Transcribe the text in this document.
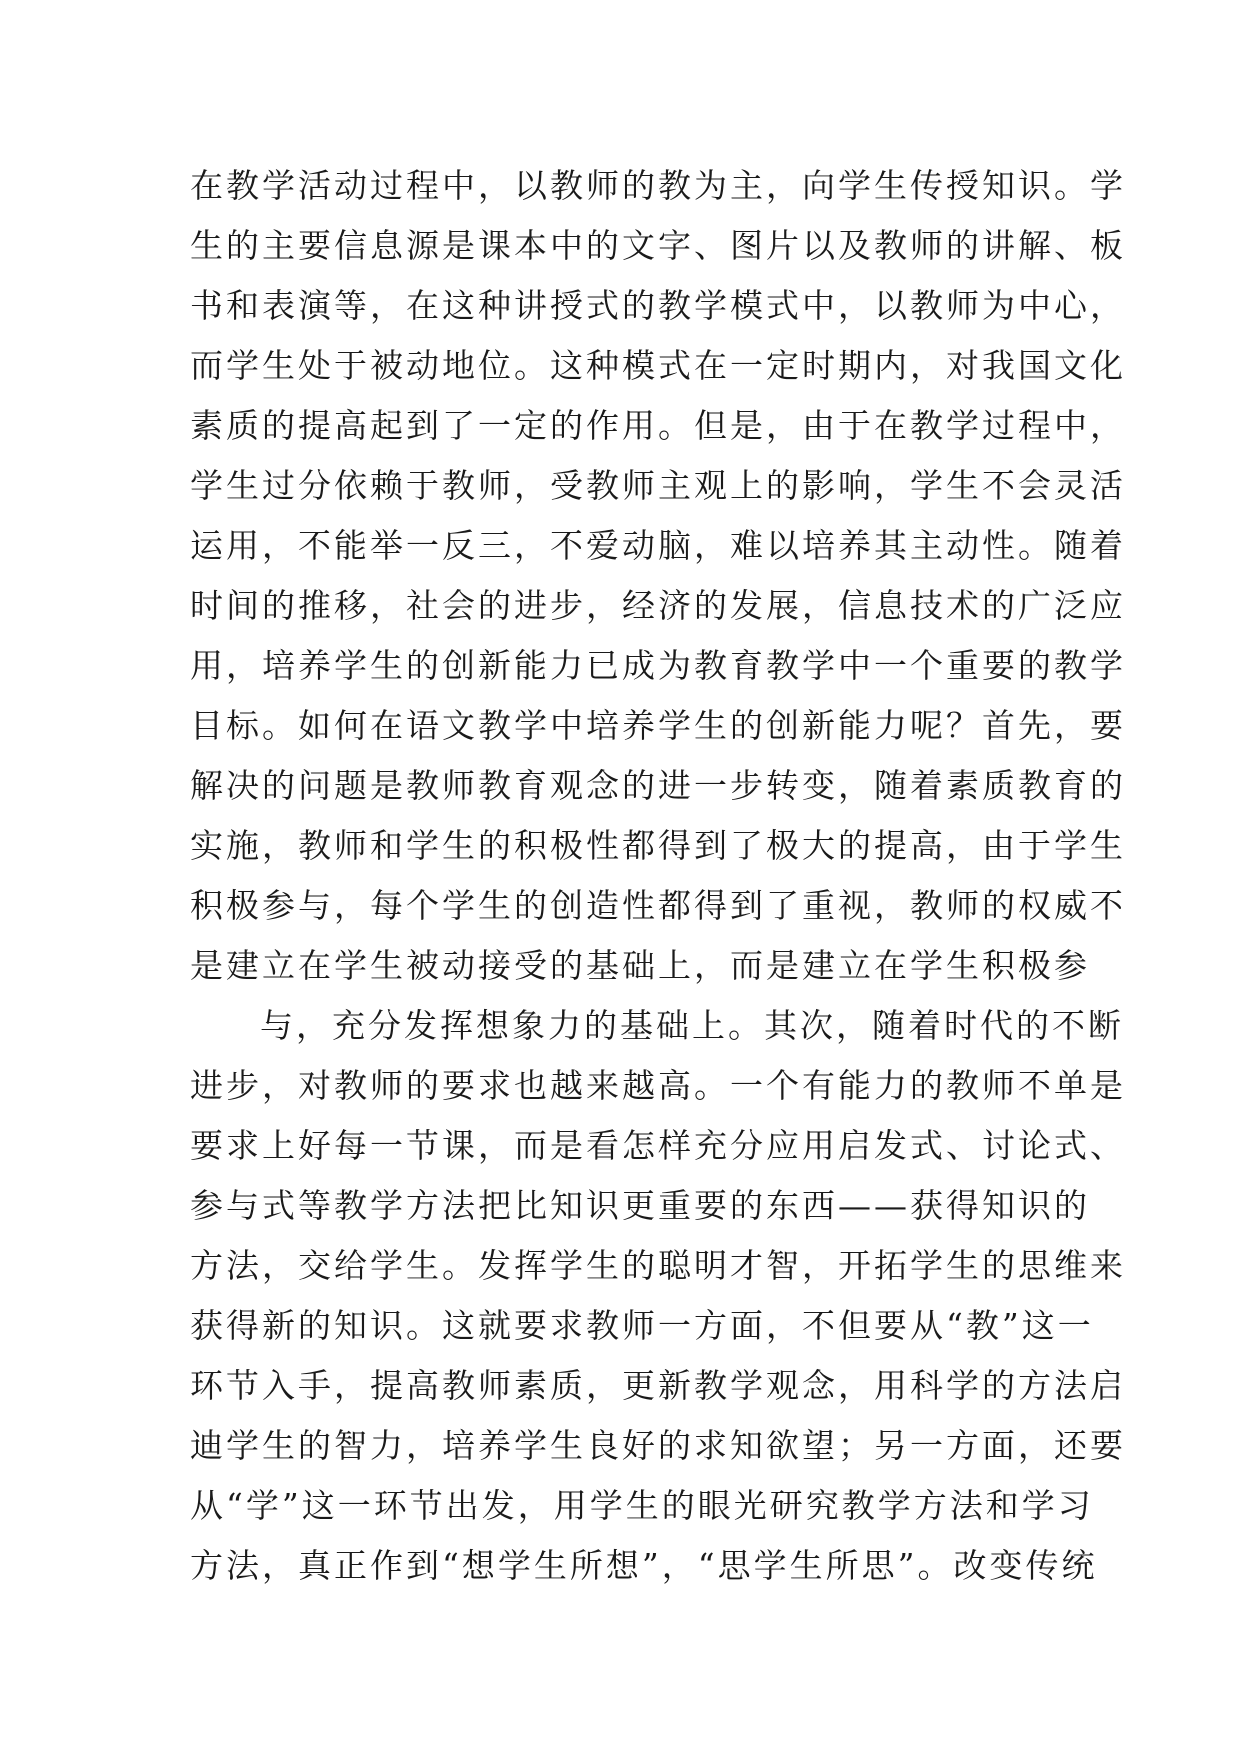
在教学活动过程中，以教师的教为主，向学生传授知识。学
生的主要信息源是课本中的文字、图片以及教师的讲解、板
书和表演等，在这种讲授式的教学模式中，以教师为中心，
而学生处于被动地位。这种模式在一定时期内，对我国文化
素质的提高起到了一定的作用。但是，由于在教学过程中，
学生过分依赖于教师，受教师主观上的影响，学生不会灵活
运用，不能举一反三，不爱动脑，难以培养其主动性。随着
时间的推移，社会的进步，经济的发展，信息技术的广泛应
用，培养学生的创新能力已成为教育教学中一个重要的教学
目标。如何在语文教学中培养学生的创新能力呢？首先，要
解决的问题是教师教育观念的进一步转变，随着素质教育的
实施，教师和学生的积极性都得到了极大的提高，由于学生
积极参与，每个学生的创造性都得到了重视，教师的权威不
是建立在学生被动接受的基础上，而是建立在学生积极参
与，充分发挥想象力的基础上。其次，随着时代的不断
进步，对教师的要求也越来越高。一个有能力的教师不单是
要求上好每一节课，而是看怎样充分应用启发式、讨论式、
参与式等教学方法把比知识更重要的东西——获得知识的
方法，交给学生。发挥学生的聪明才智，开拓学生的思维来
获得新的知识。这就要求教师一方面，不但要从“教”这一
环节入手，提高教师素质，更新教学观念，用科学的方法启
迪学生的智力，培养学生良好的求知欲望；另一方面，还要
从“学”这一环节出发，用学生的眼光研究教学方法和学习
方法，真正作到“想学生所想”，“思学生所思”。改变传统
